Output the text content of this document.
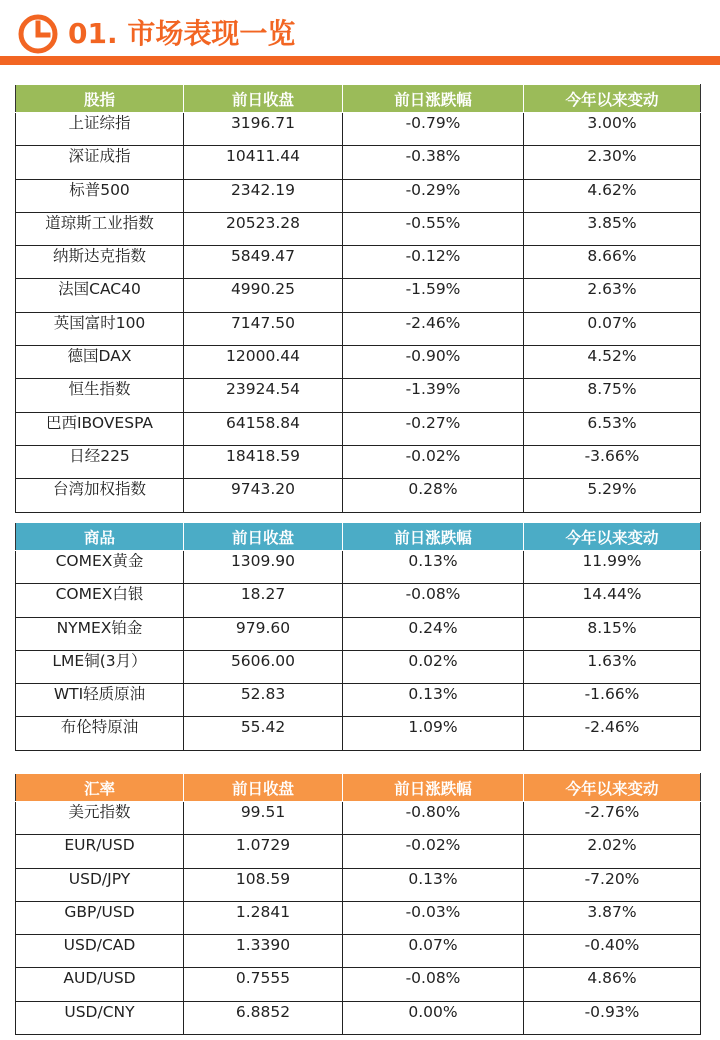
01. 市场表现一览
股指	前日收盘	前日涨跌幅	今年以来变动
上证综指	3196.71	-0.79%	3.00%
深证成指	10411.44	-0.38%	2.30%
标普500	2342.19	-0.29%	4.62%
道琼斯工业指数	20523.28	-0.55%	3.85%
纳斯达克指数	5849.47	-0.12%	8.66%
法国CAC40	4990.25	-1.59%	2.63%
英国富时100	7147.50	-2.46%	0.07%
德国DAX	12000.44	-0.90%	4.52%
恒生指数	23924.54	-1.39%	8.75%
巴西IBOVESPA	64158.84	-0.27%	6.53%
日经225	18418.59	-0.02%	-3.66%
台湾加权指数	9743.20	0.28%	5.29%
商品	前日收盘	前日涨跌幅	今年以来变动
COMEX黄金	1309.90	0.13%	11.99%
COMEX白银	18.27	-0.08%	14.44%
NYMEX铂金	979.60	0.24%	8.15%
LME铜(3月）	5606.00	0.02%	1.63%
WTI轻质原油	52.83	0.13%	-1.66%
布伦特原油	55.42	1.09%	-2.46%
汇率	前日收盘	前日涨跌幅	今年以来变动
美元指数	99.51	-0.80%	-2.76%
EUR/USD	1.0729	-0.02%	2.02%
USD/JPY	108.59	0.13%	-7.20%
GBP/USD	1.2841	-0.03%	3.87%
USD/CAD	1.3390	0.07%	-0.40%
AUD/USD	0.7555	-0.08%	4.86%
USD/CNY	6.8852	0.00%	-0.93%
